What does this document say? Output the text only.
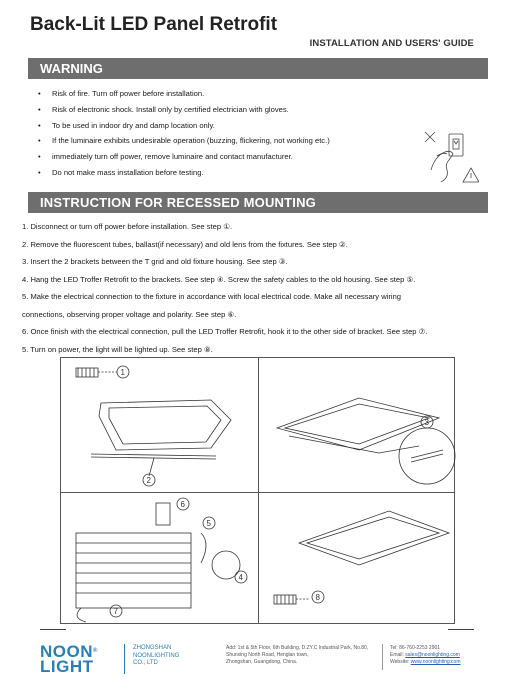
Back-Lit LED Panel Retrofit
INSTALLATION AND USERS' GUIDE
WARNING
• Risk of fire. Turn off power before installation.
• Risk of electronic shock. Install only by certified electrician with gloves.
• To be used in indoor dry and damp location only.
• If the luminaire exhibits undesirable operation (buzzing, flickering, not working etc.)
• immediately turn off power, remove luminaire and contact manufacturer.
• Do not make mass installation before testing.
INSTRUCTION FOR RECESSED MOUNTING

1. Disconnect or turn off power before installation. See step ①.

2. Remove the fluorescent tubes, ballast(if necessary) and old lens from the fixtures. See step ②.

3. Insert the 2 brackets between the T grid and old fixture housing. See step ③.

4. Hang the LED Troffer Retrofit to the brackets. See step ④. Screw the safety cables to the old housing. See step ⑤.

5. Make the electrical connection to the fixture in accordance with local electrical code. Make all necessary wiring

connections, observing proper voltage and polarity. See step ⑥.

6. Once finish with the electrical connection, pull the LED Troffer Retrofit, hook it to the other side of bracket. See step ⑦.

5. Turn on power, the light will be lighted up. See step ⑧.

1
2
3
6
5
4
7
8
NOON®
LIGHT
ZHONGSHAN
NOONLIGHTING
CO., LTD
Add: 1st & 5th Floor, 6th Building, D.ZY.C Industrial Park, No.80,
Shunxing North Road, Henglan town,
Zhongshan, Guangdong, China.
Tel: 86-760-2253 2901
Email: sales@noonlighting.com
Website: www.noonlighting.com
